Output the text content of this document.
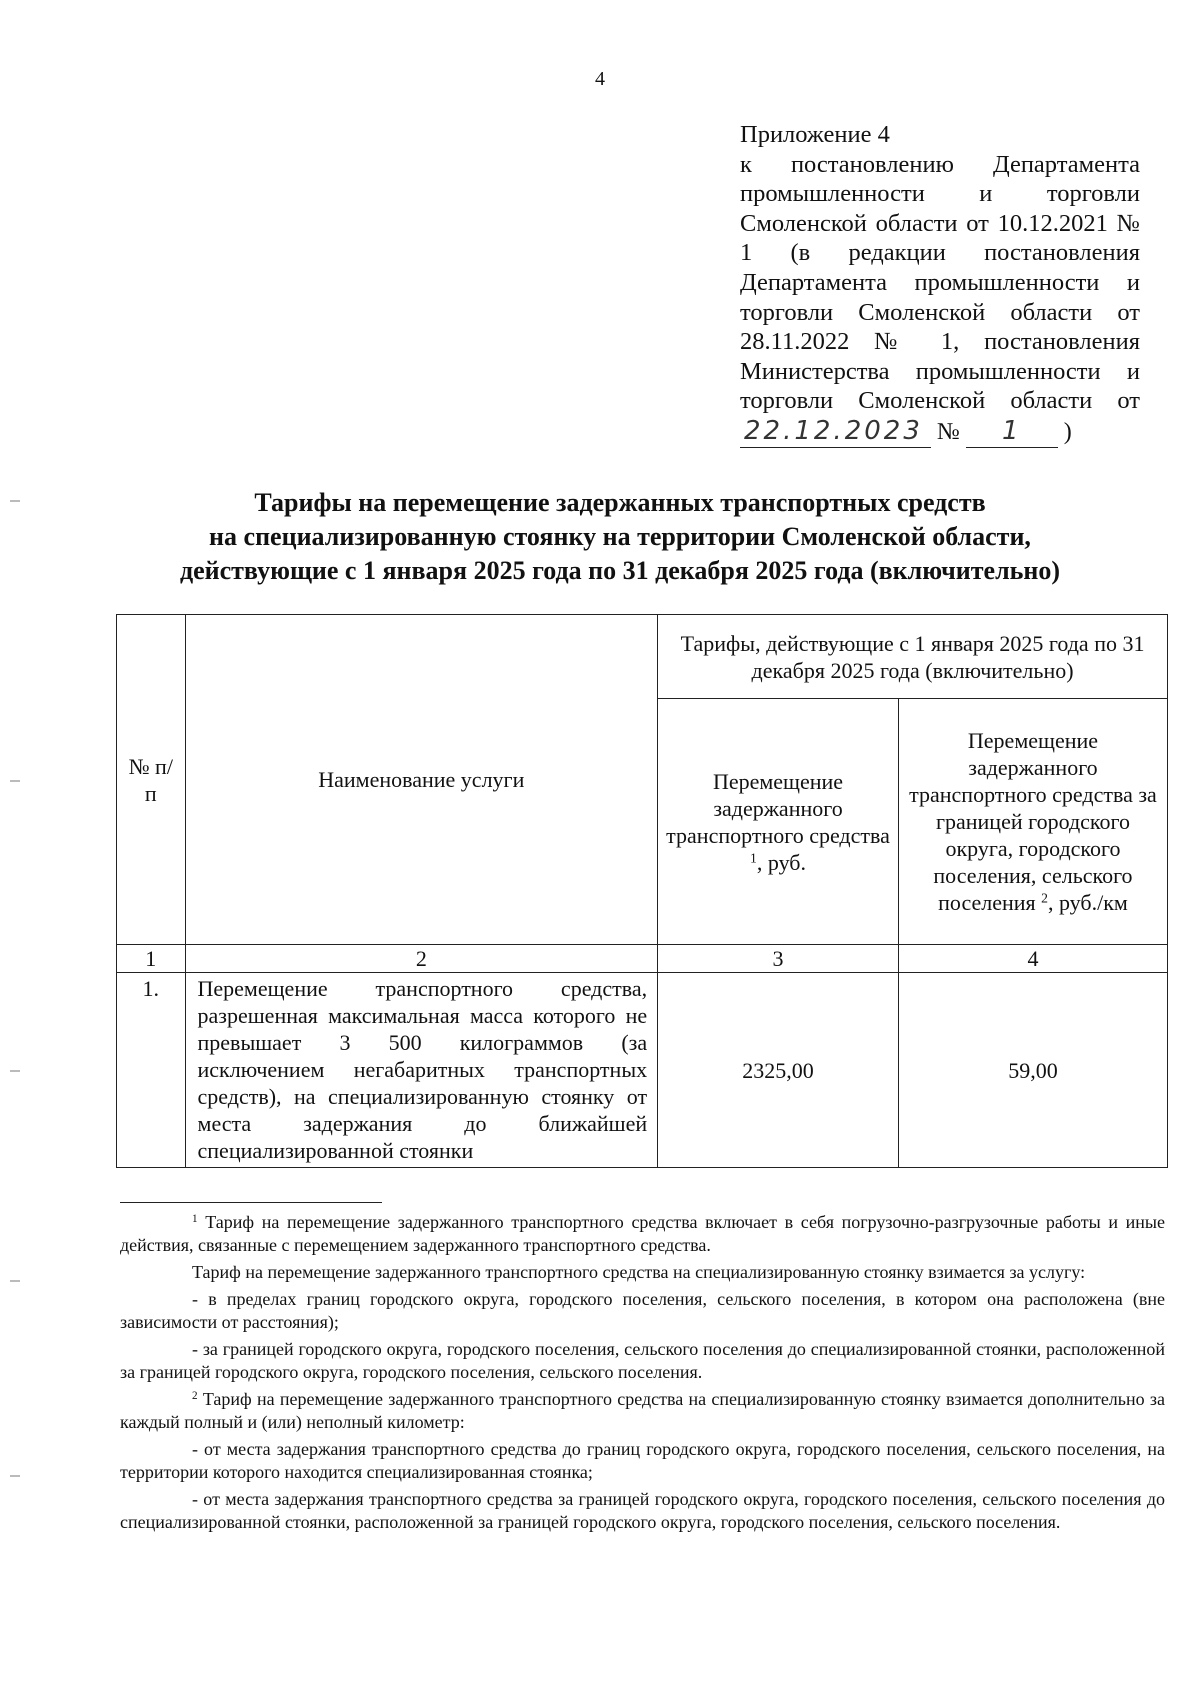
4
Приложение 4
к постановлению Департамента промышленности и торговли Смоленской области от 10.12.2021 № 1 (в редакции постановления Департамента промышленности и торговли Смоленской области от 28.11.2022 № 1, постановления Министерства промышленности и торговли Смоленской области от
22.12.2023 № 1 )
Тарифы на перемещение задержанных транспортных средств
на специализированную стоянку на территории Смоленской области,
действующие с 1 января 2025 года по 31 декабря 2025 года (включительно)
№ п/п	Наименование услуги	Тарифы, действующие с 1 января 2025 года по 31 декабря 2025 года (включительно)	
		Перемещение задержанного транспортного средства $^1$, руб.	Перемещение задержанного транспортного средства за границей городского округа, городского поселения, сельского поселения $^2$, руб./км
1	2	3	4
1.	Перемещение транспортного средства, разрешенная максимальная масса которого не превышает 3 500 килограммов (за исключением негабаритных транспортных средств), на специализированную стоянку от места задержания до ближайшей специализированной стоянки	2325,00	59,00
$^1$ Тариф на перемещение задержанного транспортного средства включает в себя погрузочно-разгрузочные работы и иные действия, связанные с перемещением задержанного транспортного средства.
Тариф на перемещение задержанного транспортного средства на специализированную стоянку взимается за услугу:
- в пределах границ городского округа, городского поселения, сельского поселения, в котором она расположена (вне зависимости от расстояния);
- за границей городского округа, городского поселения, сельского поселения до специализированной стоянки, расположенной за границей городского округа, городского поселения, сельского поселения.
$^2$ Тариф на перемещение задержанного транспортного средства на специализированную стоянку взимается дополнительно за каждый полный и (или) неполный километр:
- от места задержания транспортного средства до границ городского округа, городского поселения, сельского поселения, на территории которого находится специализированная стоянка;
- от места задержания транспортного средства за границей городского округа, городского поселения, сельского поселения до специализированной стоянки, расположенной за границей городского округа, городского поселения, сельского поселения.
